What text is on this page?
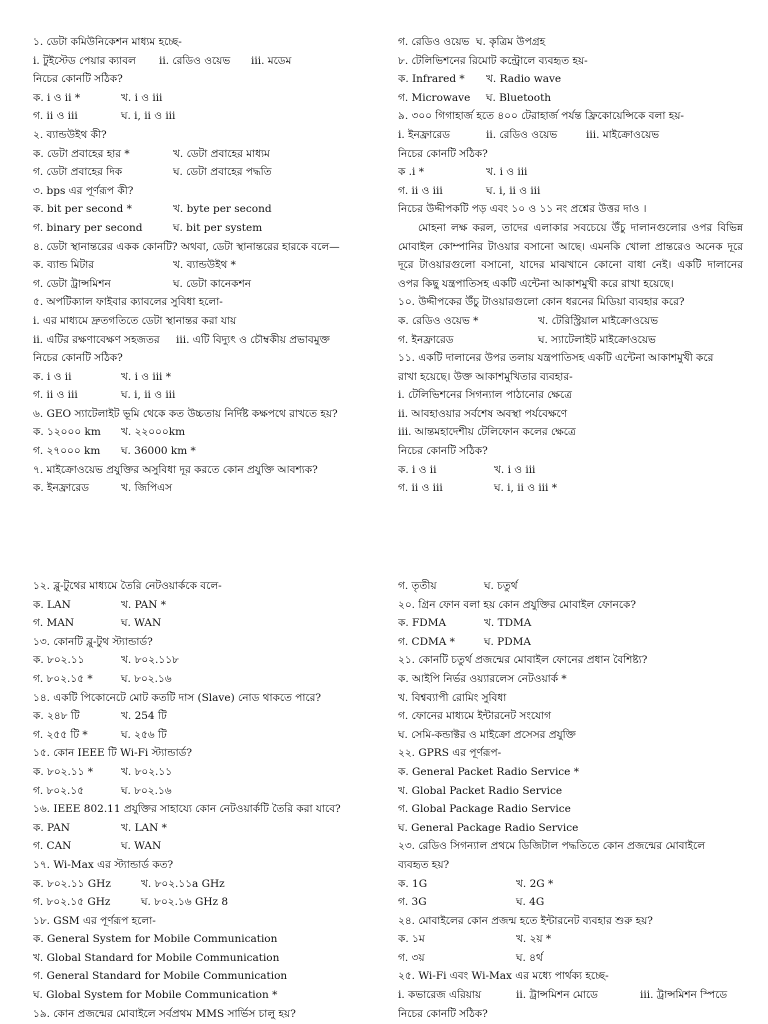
১. ডেটা কমিউনিকেশন মাধ্যম হচ্ছে-
i. টুইস্টেড পেয়ার ক্যাবল ii. রেডিও ওয়েভ iii. মডেম
নিচের কোনটি সঠিক?
ক. i ও ii *	খ. i ও iii
গ. ii ও iii	ঘ. i, ii ও iii
২. ব্যান্ডউইথ কী?
ক. ডেটা প্রবাহের হার *	খ. ডেটা প্রবাহের মাধ্যম
গ. ডেটা প্রবাহের দিক	ঘ. ডেটা প্রবাহের পদ্ধতি
৩. bps এর পূর্ণরূপ কী?
ক. bit per second *	খ. byte per second
গ. binary per second	ঘ. bit per system
৪. ডেটা স্থানান্তরের একক কোনটি? অথবা, ডেটা স্থানান্তরের হারকে বলে—
ক. ব্যান্ড মিটার	খ. ব্যান্ডউইথ *
গ. ডেটা ট্রান্সমিশন	ঘ. ডেটা কানেকশন
৫. অপটিক্যাল ফাইবার ক্যাবলের সুবিধা হলো-
i. এর মাধ্যমে দ্রুতগতিতে ডেটা স্থানান্তর করা যায়
ii. এটির রক্ষণাবেক্ষণ সহজতর iii. এটি বিদ্যুৎ ও চৌম্বকীয় প্রভাবমুক্ত
নিচের কোনটি সঠিক?
ক. i ও ii	খ. i ও iii *
গ. ii ও iii	ঘ. i, ii ও iii
৬. GEO স্যাটেলাইট ভূমি থেকে কত উচ্চতায় নির্দিষ্ট কক্ষপথে রাখতে হয়?
ক. ১২০০০ km খ. ২২০০০km
গ. ২৭০০০ km ঘ. 36000 km *
৭. মাইক্রোওয়েভ প্রযুক্তির অসুবিধা দূর করতে কোন প্রযুক্তি আবশ্যক?
ক. ইনফ্রারেড	খ. জিপিএস
গ. রেডিও ওয়েভ ঘ. কৃত্রিম উপগ্রহ
৮. টেলিভিশনের রিমোট কন্ট্রোলে ব্যবহৃত হয়-
ক. Infrared * খ. Radio wave
গ. Microwave ঘ. Bluetooth
৯. ৩০০ গিগাহার্জ হতে ৪০০ টেরাহার্জ পর্যন্ত ফ্রিকোয়েন্সিকে বলা হয়-
i. ইনফ্রারেড	ii. রেডিও ওয়েভ	iii. মাইক্রোওয়েভ
নিচের কোনটি সঠিক?
ক .i *	খ. i ও iii
গ. ii ও iii	ঘ. i, ii ও iii
নিচের উদ্দীপকটি পড় এবং ১০ ও ১১ নং প্রশ্নের উত্তর দাও ।
মোহনা লক্ষ করল, তাদের এলাকার সবচেয়ে উঁচু দালানগুলোর ওপর বিভিন্ন মোবাইল কোম্পানির টাওয়ার বসানো আছে। এমনকি খোলা প্রান্তরেও অনেক দূরে দূরে টাওয়ারগুলো বসানো, যাদের মাঝখানে কোনো বাধা নেই। একটি দালানের ওপর কিছু যন্ত্রপাতিসহ একটি এন্টেনা আকাশমুখী করে রাখা হয়েছে।
১০. উদ্দীপকের উঁচু টাওয়ারগুলো কোন ধরনের মিডিয়া ব্যবহার করে?
ক. রেডিও ওয়েভ *	খ. টেরিস্ট্রিয়াল মাইক্রোওয়েভ
গ. ইনফ্রারেড	ঘ. স্যাটেলাইট মাইক্রোওয়েভ
১১. একটি দালানের উপর তলায় যন্ত্রপাতিসহ একটি এন্টেনা আকাশমুখী করে
রাখা হয়েছে। উক্ত আকাশমুখিতার ব্যবহার-
i. টেলিভিশনের সিগন্যাল পাঠানোর ক্ষেত্রে
ii. আবহাওয়ার সর্বশেষ অবস্থা পর্যবেক্ষণে
iii. আন্তমহাদেশীয় টেলিফোন কলের ক্ষেত্রে
নিচের কোনটি সঠিক?
ক. i ও ii	খ. i ও iii
গ. ii ও iii	ঘ. i, ii ও iii *
১২. ব্লু-টুথের মাধ্যমে তৈরি নেটওয়ার্ককে বলে-
ক. LAN	খ. PAN *
গ. MAN	ঘ. WAN
১৩. কোনটি ব্লু-টুথ স্ট্যান্ডার্ড?
ক. ৮০২.১১	খ. ৮০২.১১৮
গ. ৮০২.১৫ *	ঘ. ৮০২.১৬
১৪. একটি পিকোনেটে মোট কতটি দাস (Slave) নোড থাকতে পারে?
ক. ২৪৮ টি	খ. 254 টি
গ. ২৫৫ টি *	ঘ. ২৫৬ টি
১৫. কোন IEEE টি Wi-Fi স্ট্যান্ডার্ড?
ক. ৮০২.১১ *	খ. ৮০২.১১
গ. ৮০২.১৫	ঘ. ৮০২.১৬
১৬. IEEE 802.11 প্রযুক্তির সাহায্যে কোন নেটওয়ার্কটি তৈরি করা যাবে?
ক. PAN	খ. LAN *
গ. CAN	ঘ. WAN
১৭. Wi-Max এর স্ট্যান্ডার্ড কত?
ক. ৮০২.১১ GHz	খ. ৮০২.১১a GHz
গ. ৮০২.১৫ GHz	ঘ. ৮০২.১৬ GHz 8
১৮. GSM এর পূর্ণরূপ হলো-
ক. General System for Mobile Communication
খ. Global Standard for Mobile Communication
গ. General Standard for Mobile Communication
ঘ. Global System for Mobile Communication *
১৯. কোন প্রজন্মের মোবাইলে সর্বপ্রথম MMS সার্ভিস চালু হয়?
গ. তৃতীয়	ঘ. চতুর্থ
২০. গ্রিন ফোন বলা হয় কোন প্রযুক্তির মোবাইল ফোনকে?
ক. FDMA	খ. TDMA
গ. CDMA *	ঘ. PDMA
২১. কোনটি চতুর্থ প্রজন্মের মোবাইল ফোনের প্রধান বৈশিষ্ট্য?
ক. আইপি নির্ভর ওয়্যারলেস নেটওয়ার্ক *
খ. বিশ্বব্যাপী রোমিং সুবিধা
গ. ফোনের মাধ্যমে ইন্টারনেট সংযোগ
ঘ. সেমি-কন্ডাক্টর ও মাইক্রো প্রসেসর প্রযুক্তি
২২. GPRS এর পূর্ণরূপ-
ক. General Packet Radio Service *
খ. Global Packet Radio Service
গ. Global Package Radio Service
ঘ. General Package Radio Service
২৩. রেডিও সিগন্যাল প্রথমে ডিজিটাল পদ্ধতিতে কোন প্রজন্মের মোবাইলে
ব্যবহৃত হয়?
ক. 1G	খ. 2G *
গ. 3G	ঘ. 4G
২৪. মোবাইলের কোন প্রজন্ম হতে ইন্টারনেট ব্যবহার শুরু হয়?
ক. ১ম	খ. ২য় *
গ. ৩য়	ঘ. ৪র্থ
২৫. Wi-Fi এবং Wi-Max এর মধ্যে পার্থক্য হচ্ছে-
i. কভারেজ এরিয়ায়	ii. ট্রান্সমিশন মোডে	iii. ট্রান্সমিশন স্পিডে
নিচের কোনটি সঠিক?
